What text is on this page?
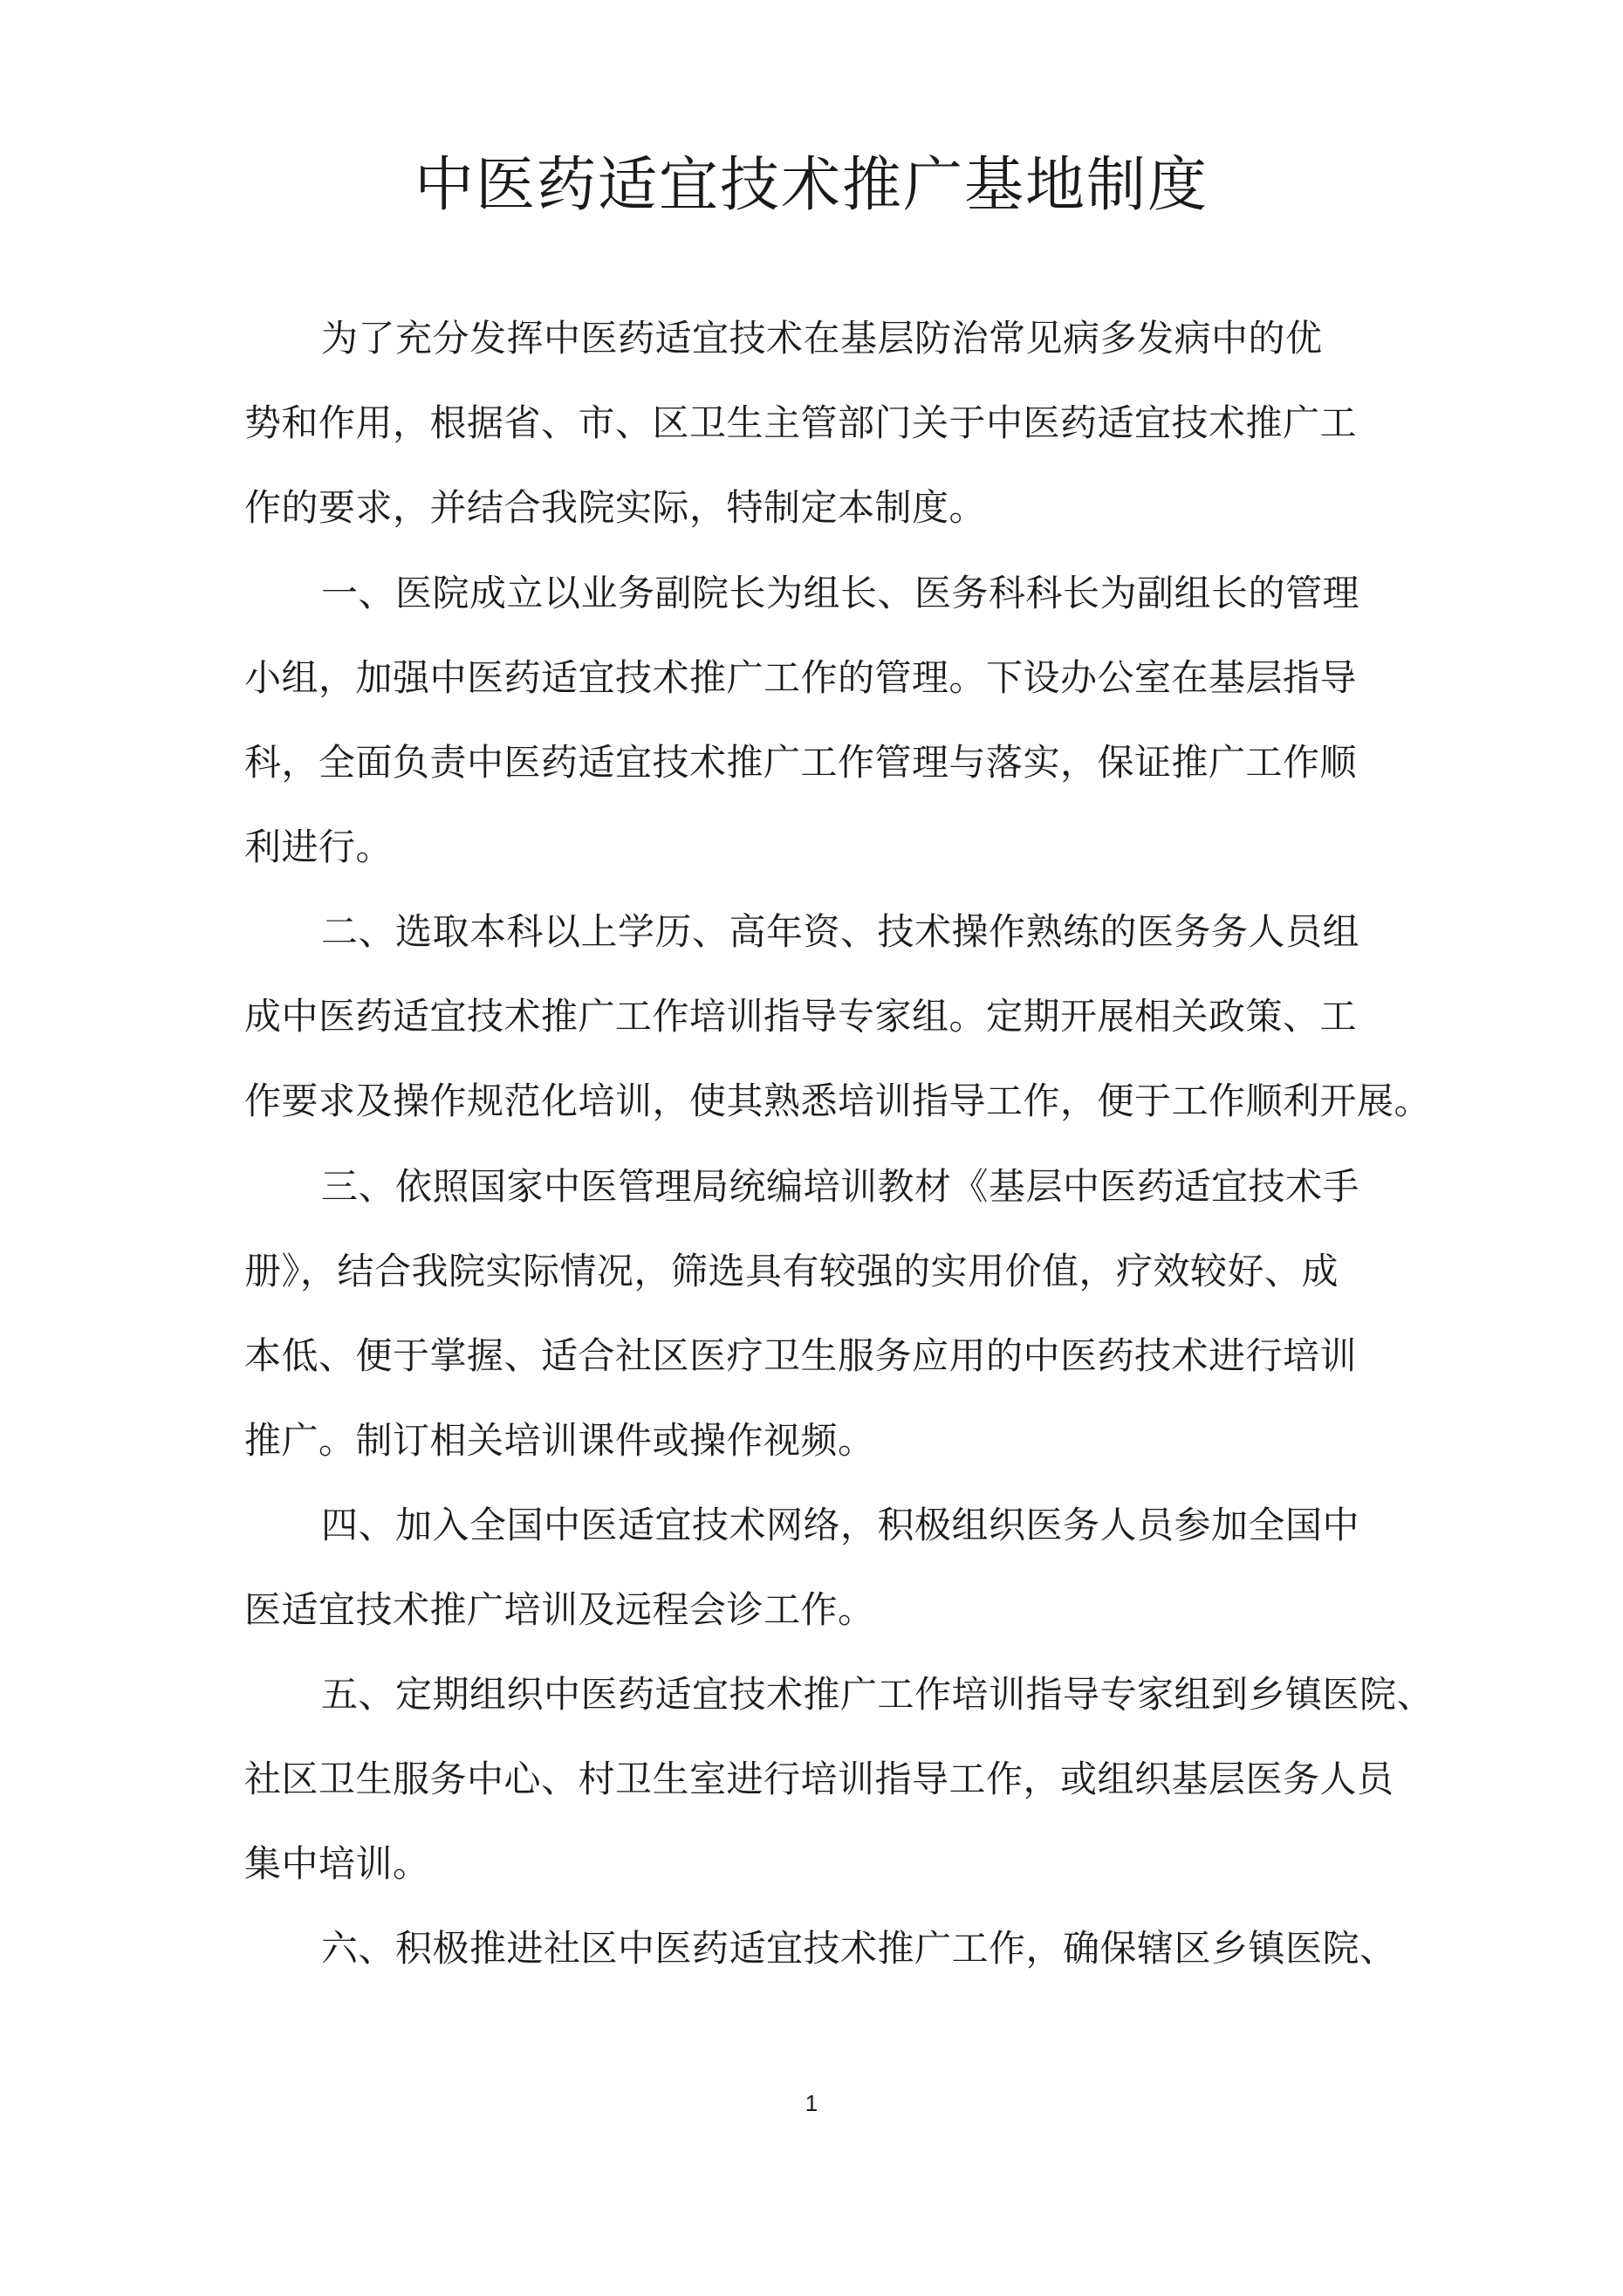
中医药适宜技术推广基地制度
为了充分发挥中医药适宜技术在基层防治常见病多发病中的优
势和作用，根据省、市、区卫生主管部门关于中医药适宜技术推广工
作的要求，并结合我院实际，特制定本制度。
一、医院成立以业务副院长为组长、医务科科长为副组长的管理
小组，加强中医药适宜技术推广工作的管理。下设办公室在基层指导
科，全面负责中医药适宜技术推广工作管理与落实，保证推广工作顺
利进行。
二、选取本科以上学历、高年资、技术操作熟练的医务务人员组
成中医药适宜技术推广工作培训指导专家组。定期开展相关政策、工
作要求及操作规范化培训，使其熟悉培训指导工作，便于工作顺利开展。
三、依照国家中医管理局统编培训教材《基层中医药适宜技术手
册》，结合我院实际情况，筛选具有较强的实用价值，疗效较好、成
本低、便于掌握、适合社区医疗卫生服务应用的中医药技术进行培训
推广。制订相关培训课件或操作视频。
四、加入全国中医适宜技术网络，积极组织医务人员参加全国中
医适宜技术推广培训及远程会诊工作。
五、定期组织中医药适宜技术推广工作培训指导专家组到乡镇医院、
社区卫生服务中心、村卫生室进行培训指导工作，或组织基层医务人员
集中培训。
六、积极推进社区中医药适宜技术推广工作，确保辖区乡镇医院、
1
